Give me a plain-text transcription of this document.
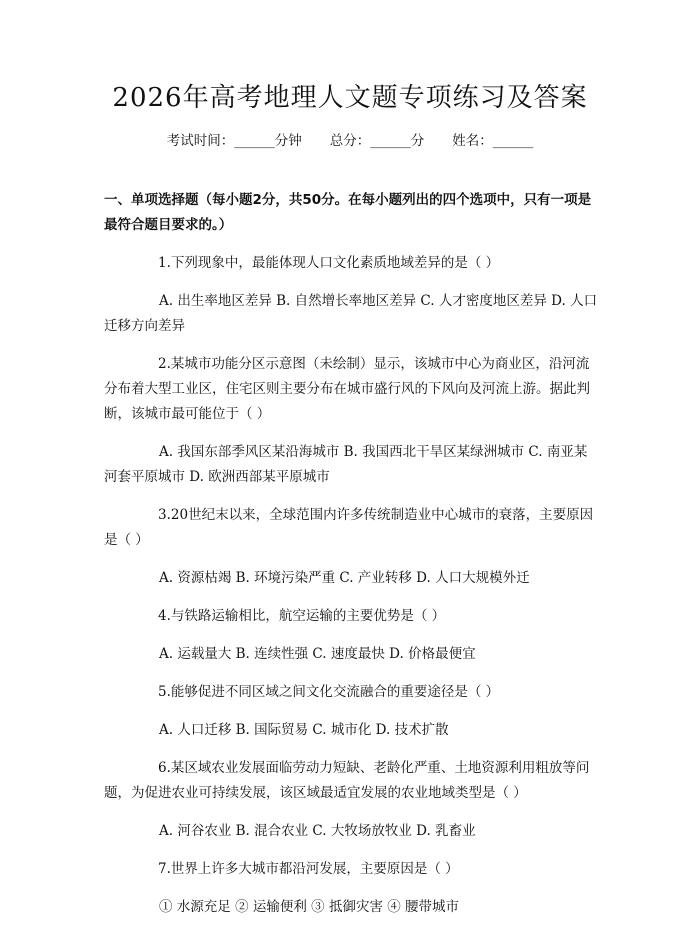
2026年高考地理人文题专项练习及答案
考试时间：______分钟 总分：______分 姓名：______
一、单项选择题（每小题2分，共50分。在每小题列出的四个选项中，只有一项是最符合题目要求的。）
1.下列现象中，最能体现人口文化素质地域差异的是（ ）
A. 出生率地区差异 B. 自然增长率地区差异 C. 人才密度地区差异 D. 人口迁移方向差异
2.某城市功能分区示意图（未绘制）显示，该城市中心为商业区，沿河流分布着大型工业区，住宅区则主要分布在城市盛行风的下风向及河流上游。据此判断，该城市最可能位于（ ）
A. 我国东部季风区某沿海城市 B. 我国西北干旱区某绿洲城市 C. 南亚某河套平原城市 D. 欧洲西部某平原城市
3.20世纪末以来，全球范围内许多传统制造业中心城市的衰落，主要原因是（ ）
A. 资源枯竭 B. 环境污染严重 C. 产业转移 D. 人口大规模外迁
4.与铁路运输相比，航空运输的主要优势是（ ）
A. 运载量大 B. 连续性强 C. 速度最快 D. 价格最便宜
5.能够促进不同区域之间文化交流融合的重要途径是（ ）
A. 人口迁移 B. 国际贸易 C. 城市化 D. 技术扩散
6.某区域农业发展面临劳动力短缺、老龄化严重、土地资源利用粗放等问题，为促进农业可持续发展，该区域最适宜发展的农业地域类型是（ ）
A. 河谷农业 B. 混合农业 C. 大牧场放牧业 D. 乳畜业
7.世界上许多大城市都沿河发展，主要原因是（ ）
① 水源充足 ② 运输便利 ③ 抵御灾害 ④ 腰带城市
